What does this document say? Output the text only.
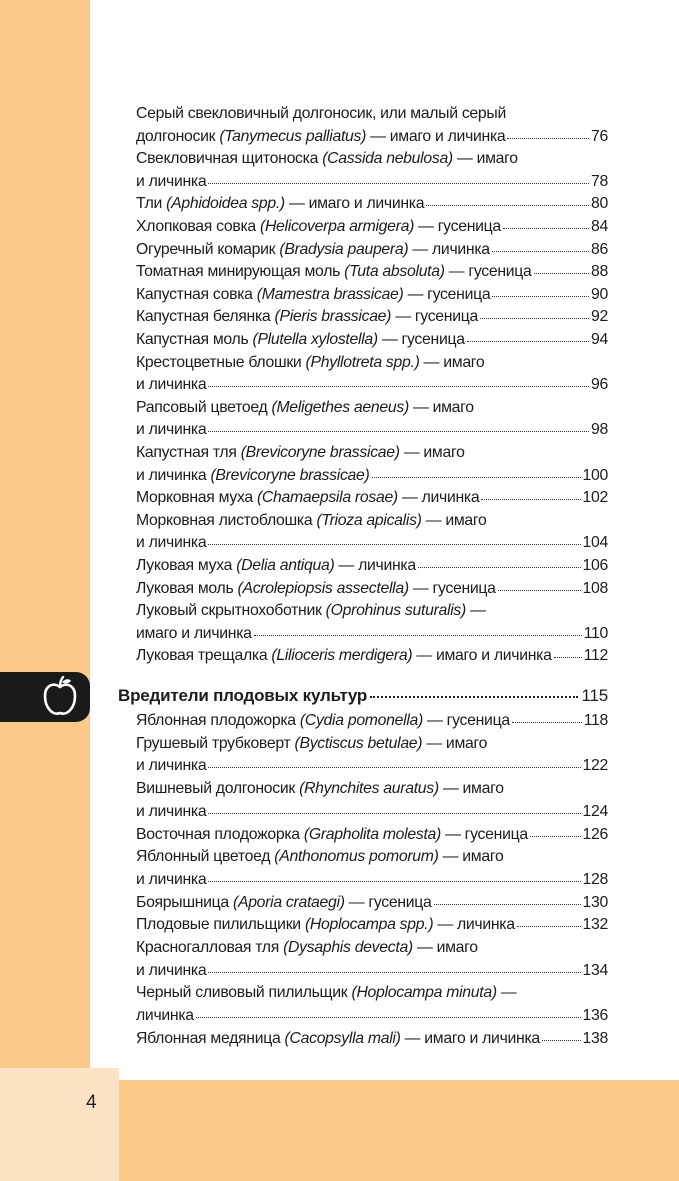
4
Серый свекловичный долгоносик, или малый серый
долгоносик (Tanymecus palliatus) — имаго и личинка	76
Свекловичная щитоноска (Cassida nebulosa) — имаго
и личинка	78
Тли (Aphidoidea spp.) — имаго и личинка	80
Хлопковая совка (Helicoverpa armigera) — гусеница	84
Огуречный комарик (Bradysia paupera) — личинка	86
Томатная минирующая моль (Tuta absoluta) — гусеница	88
Капустная совка (Mamestra brassicae) — гусеница	90
Капустная белянка (Pieris brassicae) — гусеница	92
Капустная моль (Plutella xylostella) — гусеница	94
Крестоцветные блошки (Phyllotreta spp.) — имаго
и личинка	96
Рапсовый цветоед (Meligethes aeneus) — имаго
и личинка	98
Капустная тля (Brevicoryne brassicae) — имаго
и личинка (Brevicoryne brassicae)	100
Морковная муха (Chamaepsila rosae) — личинка	102
Морковная листоблошка (Trioza apicalis) — имаго
и личинка	104
Луковая муха (Delia antiqua) — личинка	106
Луковая моль (Acrolepiopsis assectella) — гусеница	108
Луковый скрытнохоботник (Oprohinus suturalis) —
имаго и личинка	110
Луковая трещалка (Lilioceris merdigera) — имаго и личинка 112
Вредители плодовых культур	115
Яблонная плодожорка (Cydia pomonella) — гусеница	118
Грушевый трубковерт (Byctiscus betulae) — имаго
и личинка	122
Вишневый долгоносик (Rhynchites auratus) — имаго
и личинка	124
Восточная плодожорка (Grapholita molesta) — гусеница	126
Яблонный цветоед (Anthonomus pomorum) — имаго
и личинка	128
Боярышница (Aporia crataegi) — гусеница	130
Плодовые пилильщики (Hoplocampa spp.) — личинка	132
Красногалловая тля (Dysaphis devecta) — имаго
и личинка	134
Черный сливовый пилильщик (Hoplocampa minuta) —
личинка	136
Яблонная медяница (Cacopsylla mali) — имаго и личинка	138
